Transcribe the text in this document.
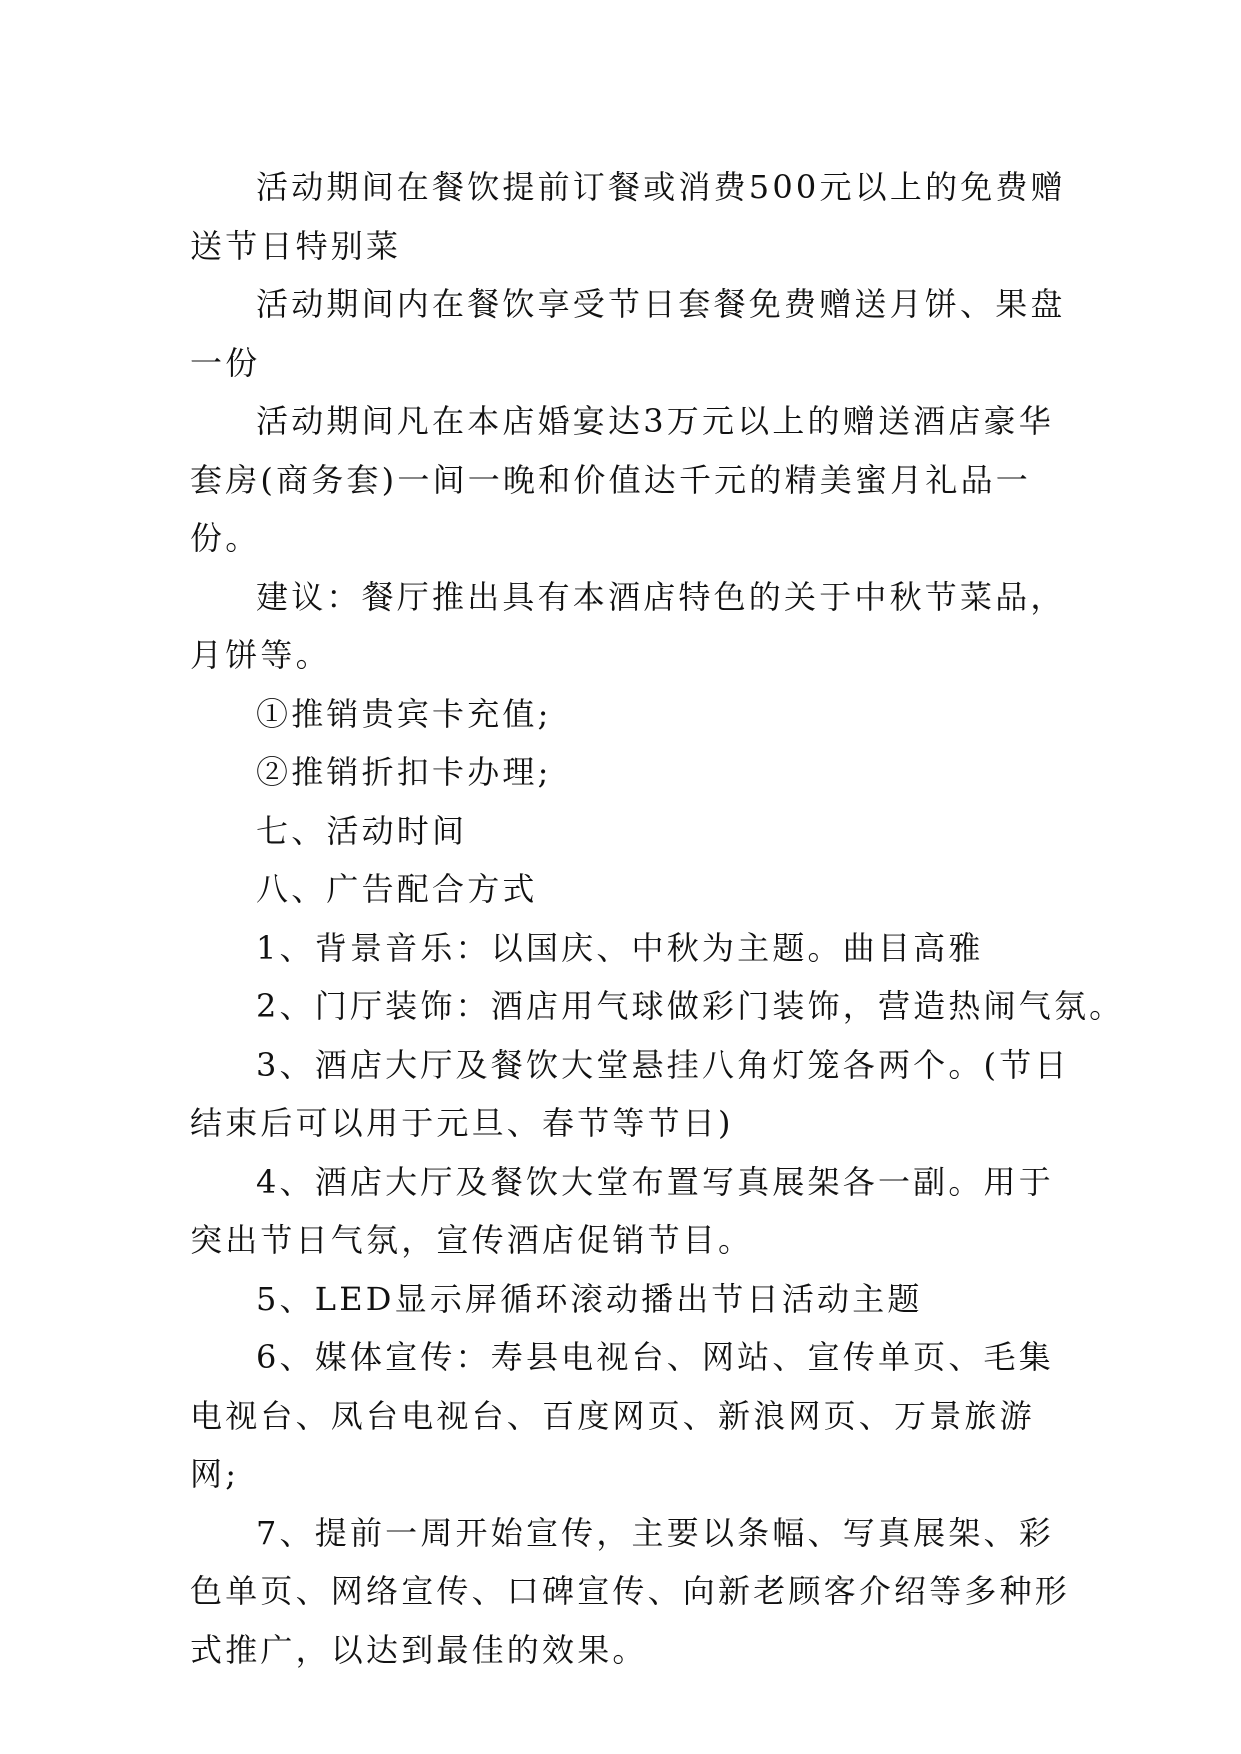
活动期间在餐饮提前订餐或消费500元以上的免费赠送节日特别菜

活动期间内在餐饮享受节日套餐免费赠送月饼、果盘一份

活动期间凡在本店婚宴达3万元以上的赠送酒店豪华套房(商务套)一间一晚和价值达千元的精美蜜月礼品一份。

建议：餐厅推出具有本酒店特色的关于中秋节菜品，月饼等。

①推销贵宾卡充值;

②推销折扣卡办理;

七、活动时间

八、广告配合方式

1、背景音乐：以国庆、中秋为主题。曲目高雅

2、门厅装饰：酒店用气球做彩门装饰，营造热闹气氛。

3、酒店大厅及餐饮大堂悬挂八角灯笼各两个。(节日结束后可以用于元旦、春节等节日)

4、酒店大厅及餐饮大堂布置写真展架各一副。用于突出节日气氛，宣传酒店促销节目。

5、LED显示屏循环滚动播出节日活动主题

6、媒体宣传：寿县电视台、网站、宣传单页、毛集电视台、凤台电视台、百度网页、新浪网页、万景旅游网;

7、提前一周开始宣传，主要以条幅、写真展架、彩色单页、网络宣传、口碑宣传、向新老顾客介绍等多种形式推广，以达到最佳的效果。
